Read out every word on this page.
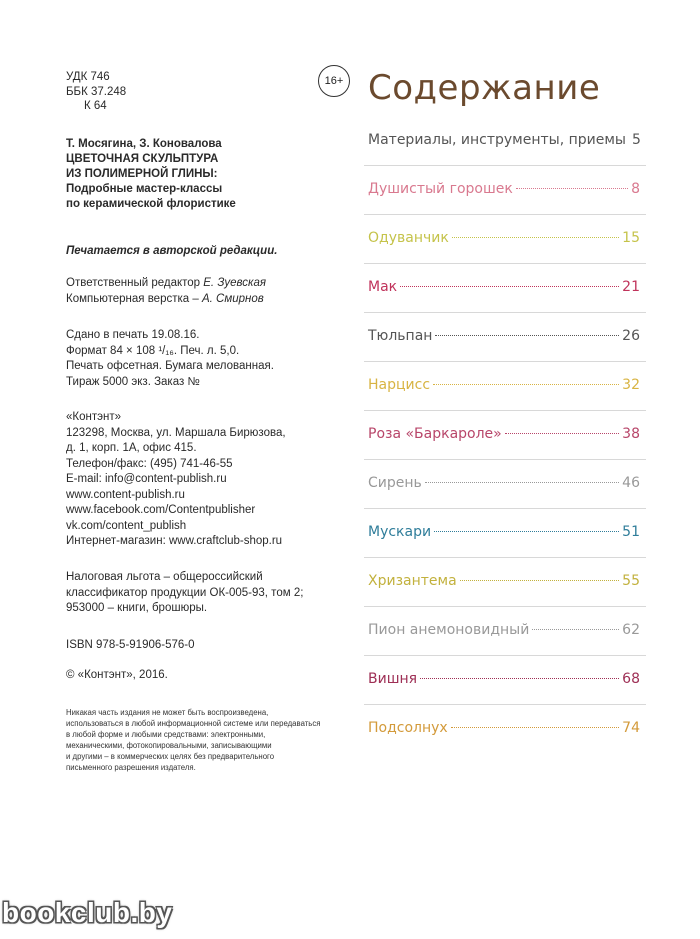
УДК 746
ББК 37.248
К 64
16+
Т. Мосягина, З. Коновалова
ЦВЕТОЧНАЯ СКУЛЬПТУРА
ИЗ ПОЛИМЕРНОЙ ГЛИНЫ:
Подробные мастер-классы
по керамической флористике
Печатается в авторской редакции.
Ответственный редактор Е. Зуевская
Компьютерная верстка – А. Смирнов
Сдано в печать 19.08.16.
Формат 84 × 108 ¹/₁₆. Печ. л. 5,0.
Печать офсетная. Бумага мелованная.
Тираж 5000 экз. Заказ №
«Контэнт»
123298, Москва, ул. Маршала Бирюзова,
д. 1, корп. 1А, офис 415.
Телефон/факс: (495) 741-46-55
E-mail: info@content-publish.ru
www.content-publish.ru
www.facebook.com/Contentpublisher
vk.com/content_publish
Интернет-магазин: www.craftclub-shop.ru
Налоговая льгота – общероссийский
классификатор продукции ОК-005-93, том 2;
953000 – книги, брошюры.
ISBN 978-5-91906-576-0
© «Контэнт», 2016.
Никакая часть издания не может быть воспроизведена,
использоваться в любой информационной системе или передаваться
в любой форме и любыми средствами: электронными,
механическими, фотокопировальными, записывающими
и другими – в коммерческих целях без предварительного
письменного разрешения издателя.
Содержание
Материалы, инструменты, приемы 5
Душистый горошек	8
Одуванчик	15
Мак	21
Тюльпан	26
Нарцисс	32
Роза «Баркароле»	38
Сирень	46
Мускари	51
Хризантема	55
Пион анемоновидный	62
Вишня	68
Подсолнух	74
bookclub.by
